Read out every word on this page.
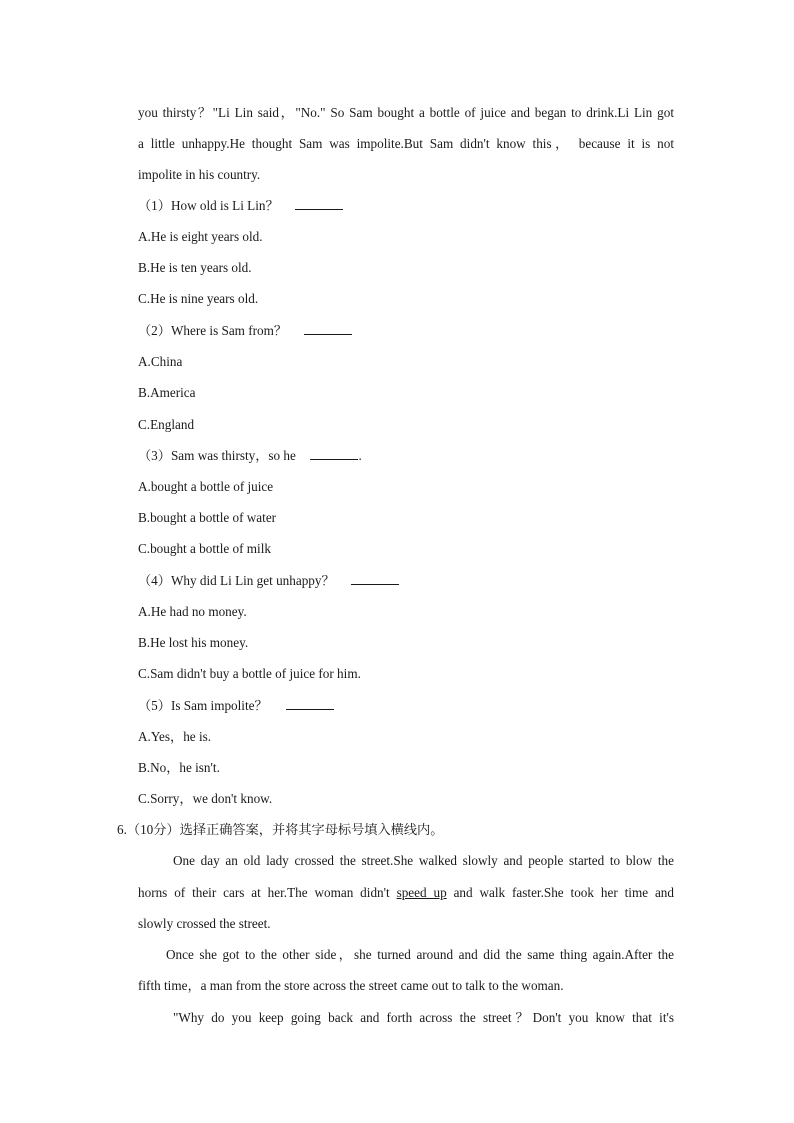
you thirsty？"Li Lin said，"No." So Sam bought a bottle of juice and began to drink.Li Lin got
a little unhappy.He thought Sam was impolite.But Sam didn't know this， because it is not
impolite in his country.
（1）How old is Li Lin？
A.He is eight years old.
B.He is ten years old.
C.He is nine years old.
（2）Where is Sam from？
A.China
B.America
C.England
（3）Sam was thirsty，so he	.
A.bought a bottle of juice
B.bought a bottle of water
C.bought a bottle of milk
（4）Why did Li Lin get unhappy？
A.He had no money.
B.He lost his money.
C.Sam didn't buy a bottle of juice for him.
（5）Is Sam impolite？
A.Yes，he is.
B.No，he isn't.
C.Sorry，we don't know.
6.（10分）选择正确答案，并将其字母标号填入横线内。
One day an old lady crossed the street.She walked slowly and people started to blow the
horns of their cars at her.The woman didn't speed up and walk faster.She took her time and
slowly crossed the street.
Once she got to the other side，she turned around and did the same thing again.After the
fifth time，a man from the store across the street came out to talk to the woman.
"Why do you keep going back and forth across the street？Don't you know that it's
